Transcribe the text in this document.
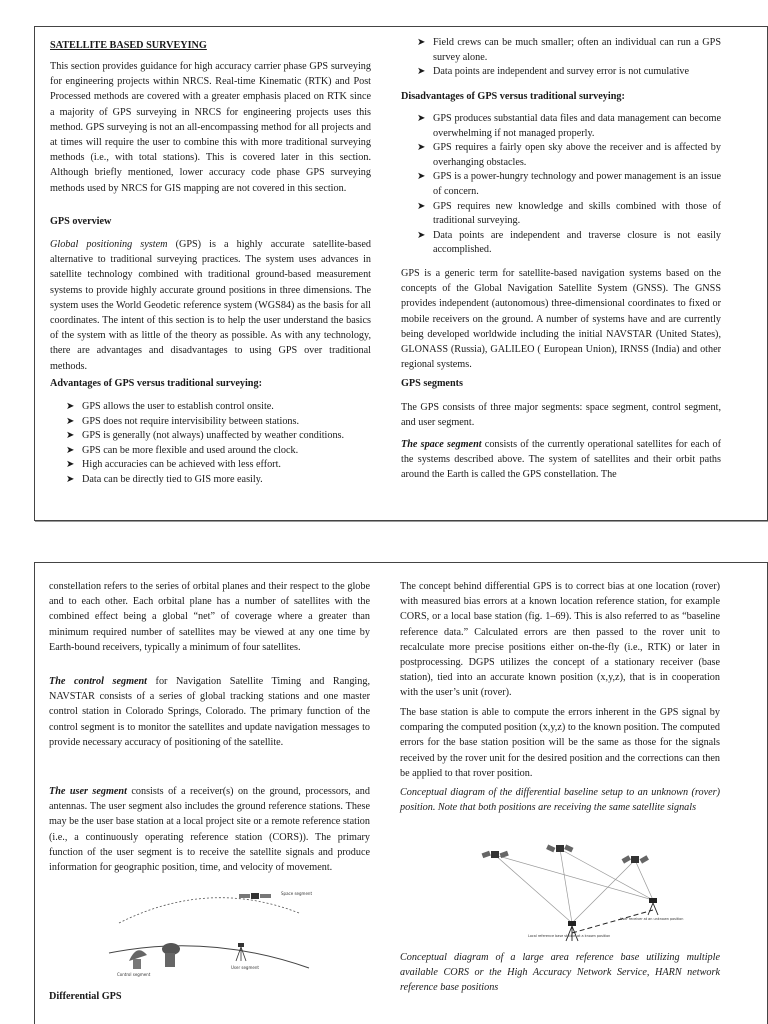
SATELLITE BASED SURVEYING

This section provides guidance for high accuracy carrier phase GPS surveying for engineering projects within NRCS. Real-time Kinematic (RTK) and Post Processed methods are covered with a greater emphasis placed on RTK since a majority of GPS surveying in NRCS for engineering projects uses this method. GPS surveying is not an all-encompassing method for all projects and at times will require the user to combine this with more traditional surveying methods (i.e., with total stations). This is covered later in this section. Although briefly mentioned, lower accuracy code phase GPS surveying methods used by NRCS for GIS mapping are not covered in this section.

GPS overview

Global positioning system (GPS) is a highly accurate satellite-based alternative to traditional surveying practices. The system uses advances in satellite technology combined with traditional ground-based measurement systems to provide highly accurate ground positions in three dimensions. The system uses the World Geodetic reference system (WGS84) as the basis for all coordinates. The intent of this section is to help the user understand the basics of the system with as little of the theory as possible. As with any technology, there are advantages and disadvantages to using GPS over traditional methods.

Advantages of GPS versus traditional surveying:
➤ GPS allows the user to establish control onsite.
➤ GPS does not require intervisibility between stations.
➤ GPS is generally (not always) unaffected by weather conditions.
➤ GPS can be more flexible and used around the clock.
➤ High accuracies can be achieved with less effort.
➤ Data can be directly tied to GIS more easily.
➤ Field crews can be much smaller; often an individual can run a GPS survey alone.
➤ Data points are independent and survey error is not cumulative
Disadvantages of GPS versus traditional surveying:
➤ GPS produces substantial data files and data management can become overwhelming if not managed properly.
➤ GPS requires a fairly open sky above the receiver and is affected by overhanging obstacles.
➤ GPS is a power-hungry technology and power management is an issue of concern.
➤ GPS requires new knowledge and skills combined with those of traditional surveying.
➤ Data points are independent and traverse closure is not easily accomplished.

GPS is a generic term for satellite-based navigation systems based on the concepts of the Global Navigation Satellite System (GNSS). The GNSS provides independent (autonomous) three-dimensional coordinates to fixed or mobile receivers on the ground. A number of systems have and are currently being developed worldwide including the initial NAVSTAR (United States), GLONASS (Russia), GALILEO ( European Union), IRNSS (India) and other regional systems.

GPS segments

The GPS consists of three major segments: space segment, control segment, and user segment.

The space segment consists of the currently operational satellites for each of the systems described above. The system of satellites and their orbit paths around the Earth is called the GPS constellation. The

constellation refers to the series of orbital planes and their respect to the globe and to each other. Each orbital plane has a number of satellites with the combined effect being a global “net” of coverage where a greater than minimum required number of satellites may be viewed at any one time by Earth-bound receivers, typically a minimum of four satellites.

The control segment for Navigation Satellite Timing and Ranging, NAVSTAR consists of a series of global tracking stations and one master control station in Colorado Springs, Colorado. The primary function of the control segment is to monitor the satellites and update navigation messages to provide necessary accuracy of positioning of the satellite.

The user segment consists of a receiver(s) on the ground, processors, and antennas. The user segment also includes the ground reference stations. These may be the user base station at a local project site or a remote reference station (i.e., a continuously operating reference station (CORS)). The primary function of the user segment is to receive the satellite signals and produce information for geographic position, time, and velocity of movement.

Space segment
Control segment
User segment
Differential GPS

The concept behind differential GPS is to correct bias at one location (rover) with measured bias errors at a known location reference station, for example CORS, or a local base station (fig. 1–69). This is also referred to as “baseline reference data.” Calculated errors are then passed to the rover unit to recalculate more precise positions either on-the-fly (i.e., RTK) or later in postprocessing. DGPS utilizes the concept of a stationary receiver (base station), tied into an accurate known position (x,y,z), that is in cooperation with the user’s unit (rover).

The base station is able to compute the errors inherent in the GPS signal by comparing the computed position (x,y,z) to the known position. The computed errors for the base station position will be the same as those for the signals received by the rover unit for the desired position and the corrections can then be applied to that rover position.

Conceptual diagram of the differential baseline setup to an unknown (rover) position. Note that both positions are receiving the same satellite signals

User receiver at an unknown position
Local reference base station at a known position

Conceptual diagram of a large area reference base utilizing multiple available CORS or the High Accuracy Network Service, HARN network reference base positions
